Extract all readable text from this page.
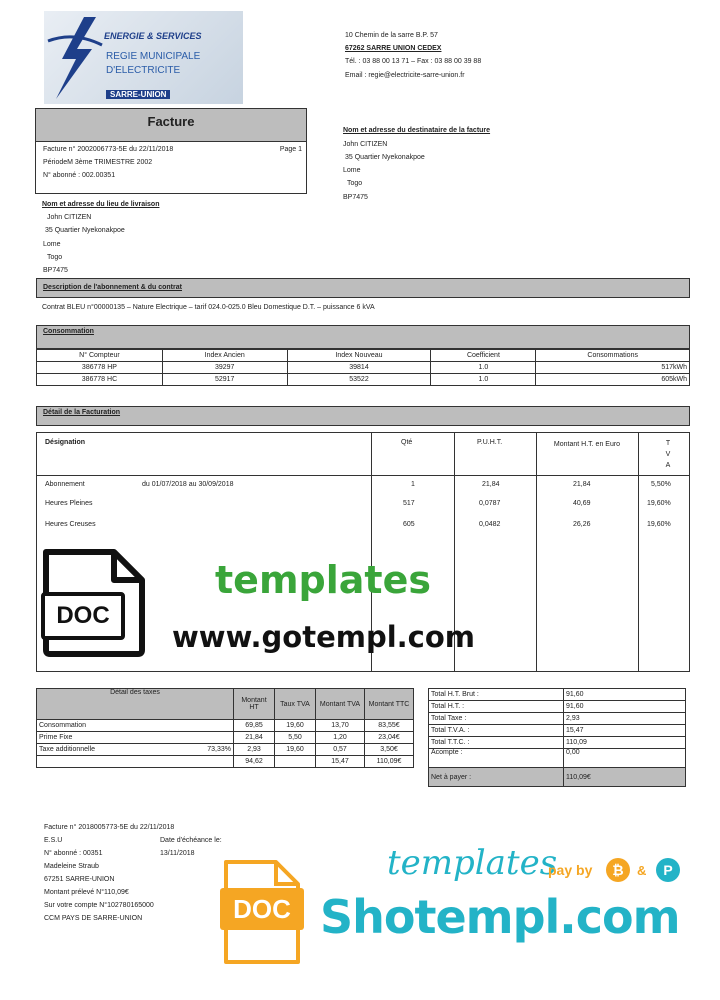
ENERGIE & SERVICES
REGIE MUNICIPALE
D'ELECTRICITE
SARRE-UNION
10 Chemin de la sarre B.P. 57
67262 SARRE UNION CEDEX
Tél. : 03 88 00 13 71 – Fax : 03 88 00 39 88
Email : regie@electricite-sarre-union.fr
Facture
Facture n° 2002006773-5E du 22/11/2018	Page 1
PériodeM 3ème TRIMESTRE 2002
N° abonné : 002.00351
Nom et adresse du destinataire de la facture
John CITIZEN
35 Quartier Nyekonakpoe
Lome
Togo
BP7475
Nom et adresse du lieu de livraison
John CITIZEN
35 Quartier Nyekonakpoe
Lome
Togo
BP7475
Description de l'abonnement & du contrat
Contrat BLEU n°00000135 – Nature Electrique – tarif 024.0-025.0 Bleu Domestique D.T. – puissance 6 kVA
Consommation
N° Compteur	Index Ancien	Index Nouveau	Coefficient	Consommations
386778 HP	39297	39814	1.0	517kWh
386778 HC	52917	53522	1.0	605kWh
Détail de la Facturation
Désignation	Qté	P.U.H.T.	Montant H.T. en Euro	T V A
Abonnement	du 01/07/2018 au 30/09/2018	1	21,84	21,84	5,50%
Heures Pleines	517	0,0787	40,69	19,60%
Heures Creuses	605	0,0482	26,26	19,60%
DOC
templates
www.gotempl.com
Détail des taxes		Montant HT	Taux TVA	Montant TVA	Montant TTC
Consommation		69,85	19,60	13,70	83,55€
Prime Fixe		21,84	5,50	1,20	23,04€
Taxe additionnelle	73,33%	2,93	19,60	0,57	3,50€
		94,62		15,47	110,09€
Total H.T. Brut :	91,60
Total H.T. :	91,60
Total Taxe :	2,93
Total T.V.A. :	15,47
Total T.T.C. :	110,09
Acompte :	0,00
Net à payer :	110,09€
Facture n° 2018005773-5E du 22/11/2018
E.S.U	Date d'échéance le:
N° abonné : 00351	13/11/2018
Madeleine Straub
67251 SARRE-UNION
Montant prélevé N°110,09€
Sur votre compte N°102780165000
CCM PAYS DE SARRE-UNION	DOC
templates
pay by	₿	&	P
Shotempl.com
